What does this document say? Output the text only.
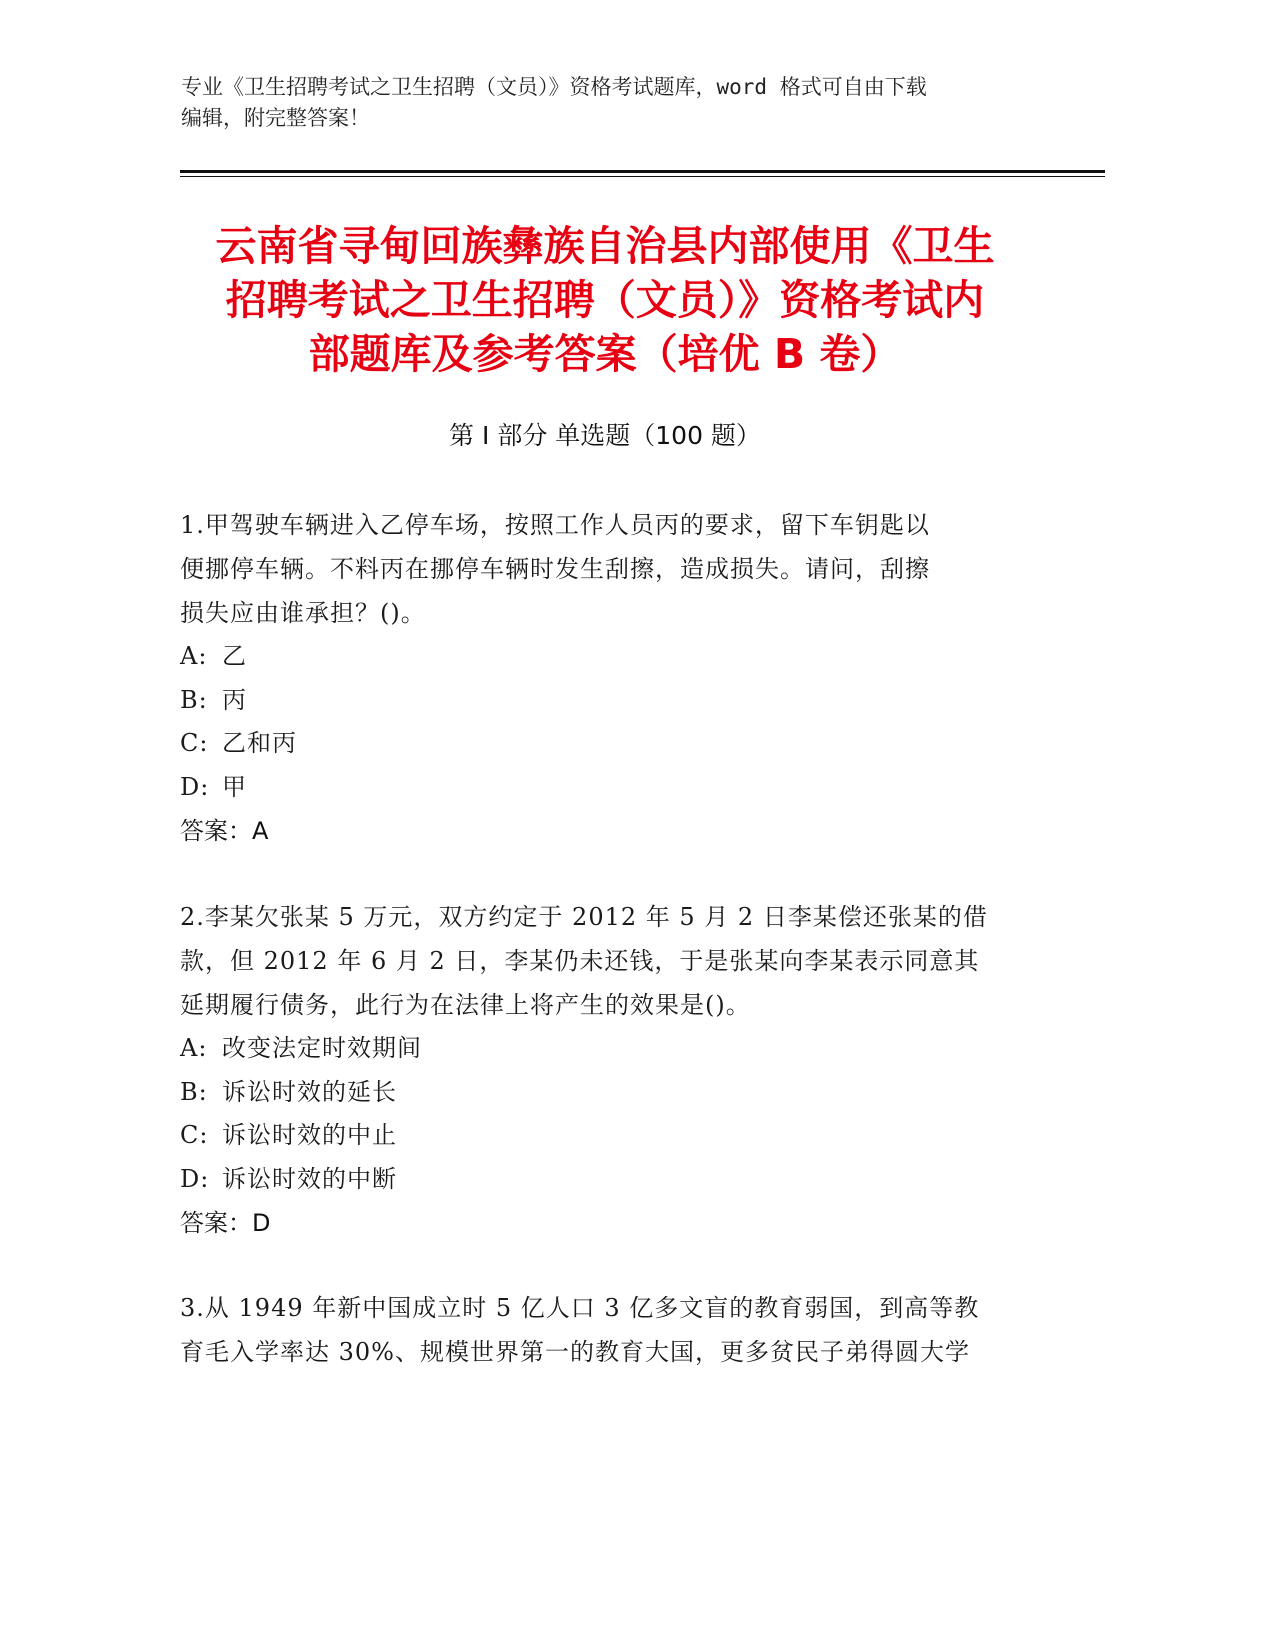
专业《卫生招聘考试之卫生招聘（文员）》资格考试题库，word 格式可自由下载
编辑，附完整答案！
云南省寻甸回族彝族自治县内部使用《卫生
招聘考试之卫生招聘（文员）》资格考试内
部题库及参考答案（培优 B 卷）
第 I 部分 单选题（100 题）
1.甲驾驶车辆进入乙停车场，按照工作人员丙的要求，留下车钥匙以
便挪停车辆。不料丙在挪停车辆时发生刮擦，造成损失。请问，刮擦
损失应由谁承担？()。
A: 乙
B: 丙
C: 乙和丙
D: 甲
答案：A
2.李某欠张某 5 万元，双方约定于 2012 年 5 月 2 日李某偿还张某的借
款，但 2012 年 6 月 2 日，李某仍未还钱，于是张某向李某表示同意其
延期履行债务，此行为在法律上将产生的效果是()。
A: 改变法定时效期间
B: 诉讼时效的延长
C: 诉讼时效的中止
D: 诉讼时效的中断
答案：D
3.从 1949 年新中国成立时 5 亿人口 3 亿多文盲的教育弱国，到高等教
育毛入学率达 30%、规模世界第一的教育大国，更多贫民子弟得圆大学
